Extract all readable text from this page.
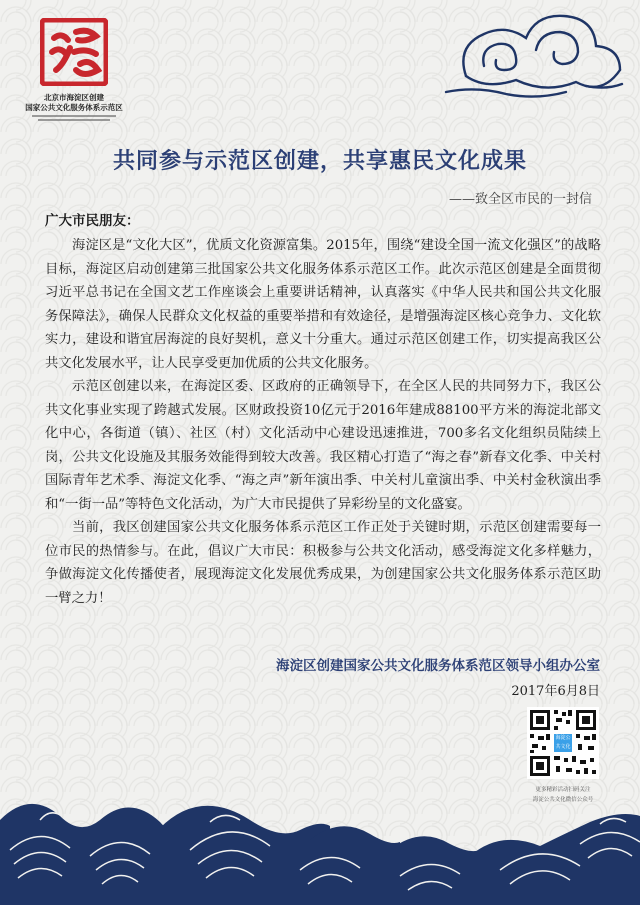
北京市海淀区创建
国家公共文化服务体系示范区
共同参与示范区创建，共享惠民文化成果
——致全区市民的一封信
广大市民朋友：

海淀区是“文化大区”，优质文化资源富集。2015年，围绕“建设全国一流文化强区”的战略目标，海淀区启动创建第三批国家公共文化服务体系示范区工作。此次示范区创建是全面贯彻习近平总书记在全国文艺工作座谈会上重要讲话精神，认真落实《中华人民共和国公共文化服务保障法》，确保人民群众文化权益的重要举措和有效途径，是增强海淀区核心竞争力、文化软实力，建设和谐宜居海淀的良好契机，意义十分重大。通过示范区创建工作，切实提高我区公共文化发展水平，让人民享受更加优质的公共文化服务。

示范区创建以来，在海淀区委、区政府的正确领导下，在全区人民的共同努力下，我区公共文化事业实现了跨越式发展。区财政投资10亿元于2016年建成88100平方米的海淀北部文化中心，各街道（镇）、社区（村）文化活动中心建设迅速推进，700多名文化组织员陆续上岗，公共文化设施及其服务效能得到较大改善。我区精心打造了“海之春”新春文化季、中关村国际青年艺术季、海淀文化季、“海之声”新年演出季、中关村儿童演出季、中关村金秋演出季和“一街一品”等特色文化活动，为广大市民提供了异彩纷呈的文化盛宴。

当前，我区创建国家公共文化服务体系示范区工作正处于关键时期，示范区创建需要每一位市民的热情参与。在此，倡议广大市民：积极参与公共文化活动，感受海淀文化多样魅力，争做海淀文化传播使者，展现海淀文化发展优秀成果，为创建国家公共文化服务体系示范区助一臂之力！

海淀区创建国家公共文化服务体系范区领导小组办公室
2017年6月8日
海淀公共文化
更多精彩活动扫码关注
海淀公共文化微信公众号
